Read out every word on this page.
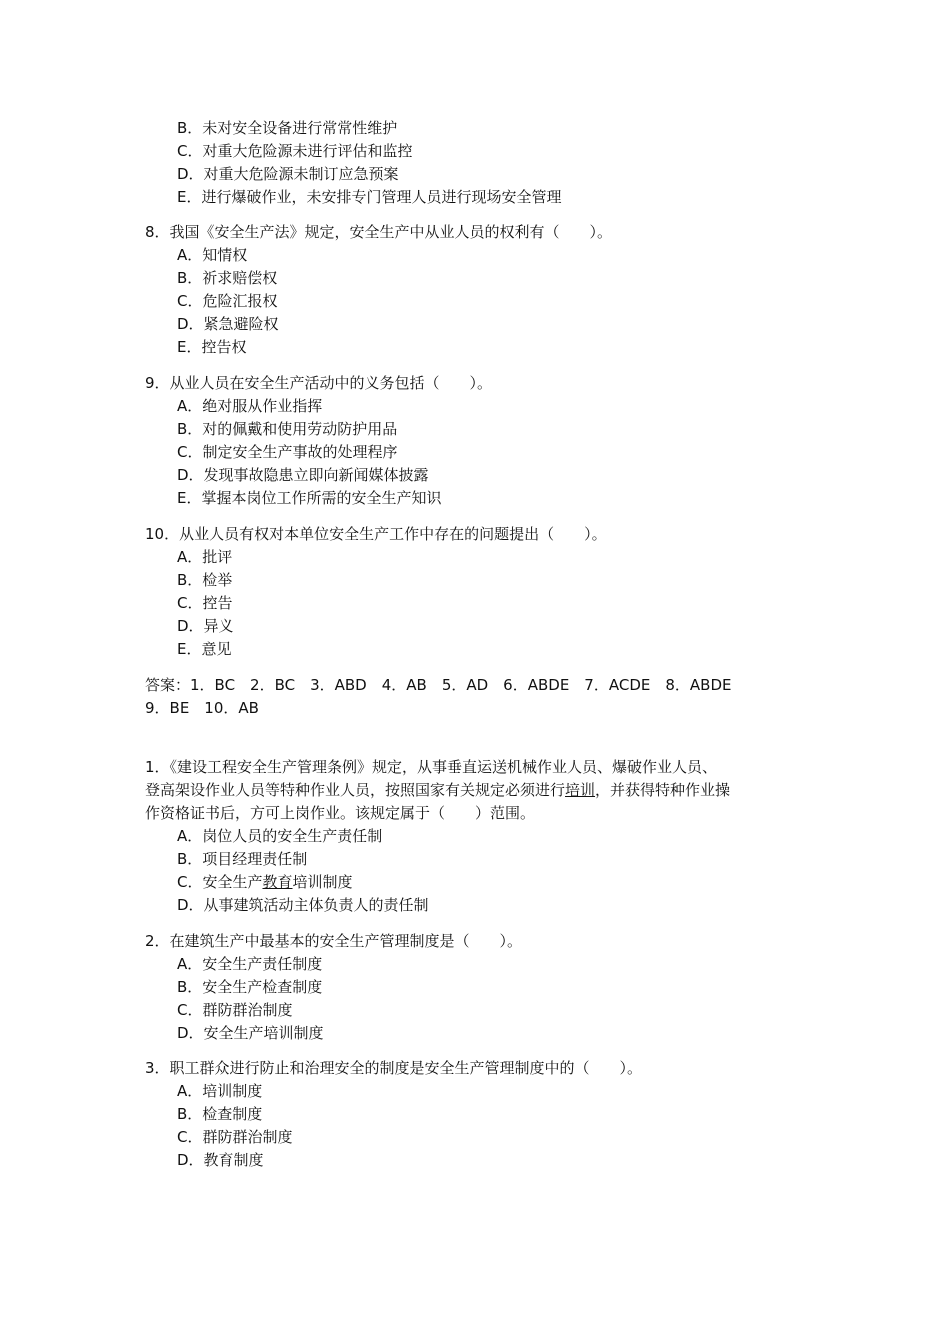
B．未对安全设备进行常常性维护
C．对重大危险源未进行评估和监控
D．对重大危险源未制订应急预案
E．进行爆破作业，未安排专门管理人员进行现场安全管理
8．我国《安全生产法》规定，安全生产中从业人员的权利有（　　）。
A．知情权
B．祈求赔偿权
C．危险汇报权
D．紧急避险权
E．控告权
9．从业人员在安全生产活动中的义务包括（　　）。
A．绝对服从作业指挥
B．对的佩戴和使用劳动防护用品
C．制定安全生产事故的处理程序
D．发现事故隐患立即向新闻媒体披露
E．掌握本岗位工作所需的安全生产知识
10．从业人员有权对本单位安全生产工作中存在的问题提出（　　）。
A．批评
B．检举
C．控告
D．异义
E．意见
答案：1．BC　2．BC　3．ABD　4．AB　5．AD　6．ABDE　7．ACDE　8．ABDE
9．BE　10．AB
1．《建设工程安全生产管理条例》规定，从事垂直运送机械作业人员、爆破作业人员、
登高架设作业人员等特种作业人员，按照国家有关规定必须进行培训，并获得特种作业操
作资格证书后，方可上岗作业。该规定属于（　　）范围。
A．岗位人员的安全生产责任制
B．项目经理责任制
C．安全生产教育培训制度
D．从事建筑活动主体负责人的责任制
2．在建筑生产中最基本的安全生产管理制度是（　　）。
A．安全生产责任制度
B．安全生产检查制度
C．群防群治制度
D．安全生产培训制度
3．职工群众进行防止和治理安全的制度是安全生产管理制度中的（　　）。
A．培训制度
B．检查制度
C．群防群治制度
D．教育制度
